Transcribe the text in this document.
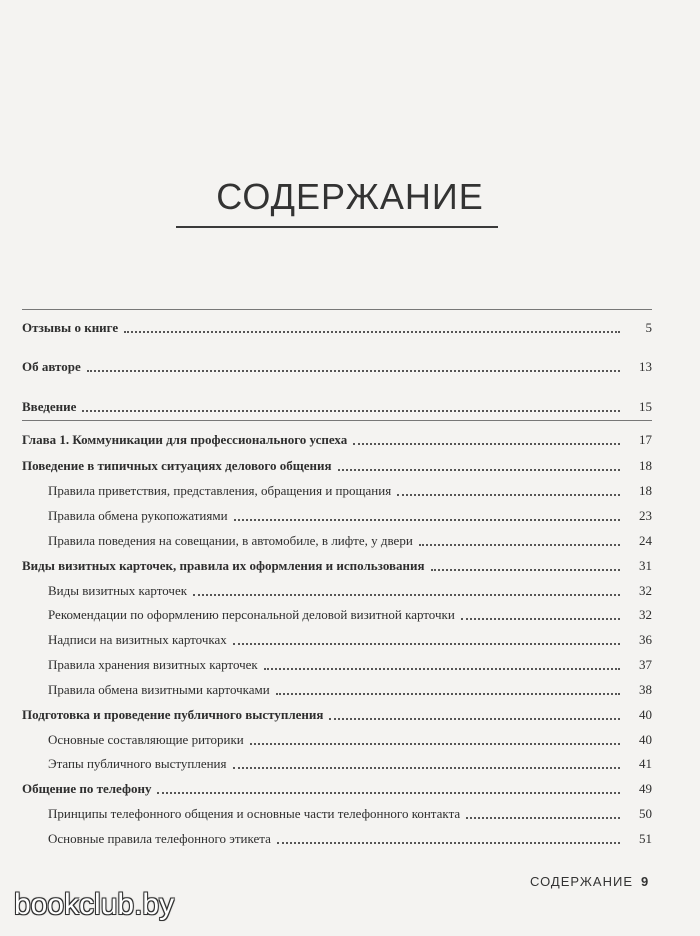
СОДЕРЖАНИЕ
Отзывы о книге	5
Об авторе	13
Введение	15
Глава 1. Коммуникации для профессионального успеха	17
Поведение в типичных ситуациях делового общения	18
Правила приветствия, представления, обращения и прощания	18
Правила обмена рукопожатиями	23
Правила поведения на совещании, в автомобиле, в лифте, у двери	24
Виды визитных карточек, правила их оформления и использования	31
Виды визитных карточек	32
Рекомендации по оформлению персональной деловой визитной карточки	32
Надписи на визитных карточках	36
Правила хранения визитных карточек	37
Правила обмена визитными карточками	38
Подготовка и проведение публичного выступления	40
Основные составляющие риторики	40
Этапы публичного выступления	41
Общение по телефону	49
Принципы телефонного общения и основные части телефонного контакта	50
Основные правила телефонного этикета	51
СОДЕРЖАНИЕ 9
bookclub.by
